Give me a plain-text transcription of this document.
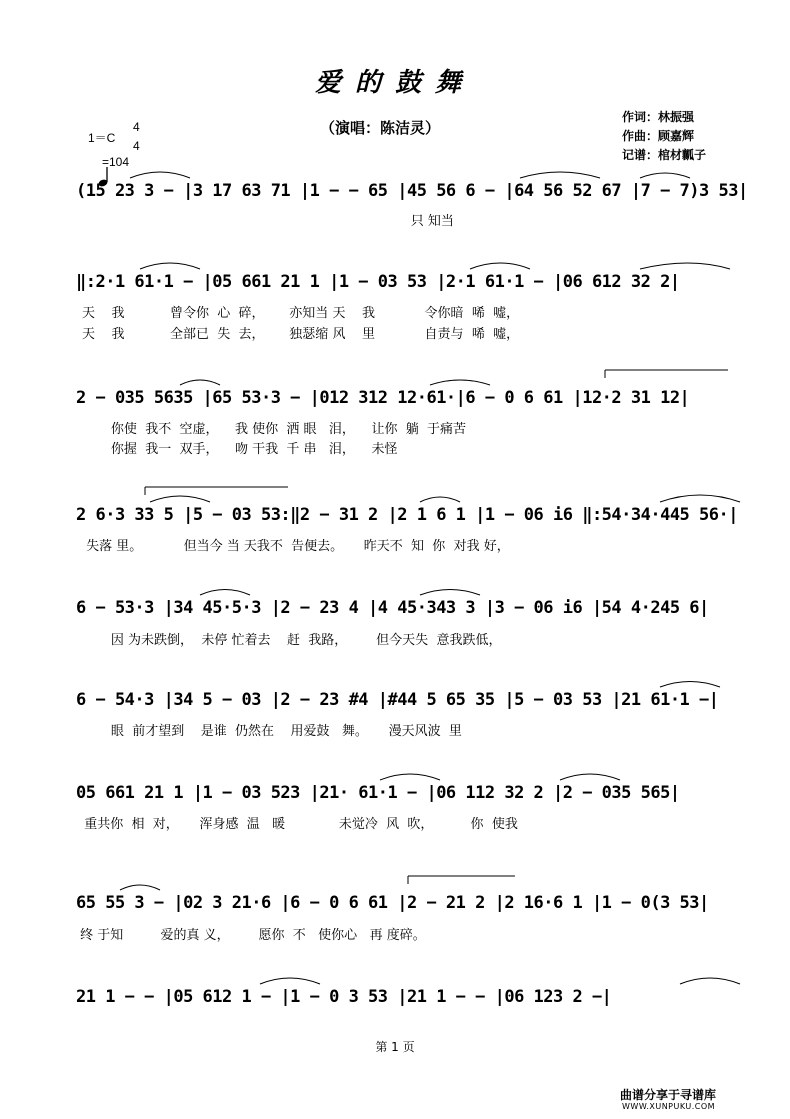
爱的鼓舞
（演唱：陈洁灵）
作词：林振强
作曲：顾嘉辉
记谱：棺材瓤子
1＝C
4
4

=104
(15 23 3 − |3 17 63 71 |1 − − 65 |45 56 6 − |64 56 52 67 |7 − 7)3 53|
只 知当
‖:2·1 61·1 − |05 661 21 1 |1 − 03 53 |2·1 61·1 − |06 612 32 2|
天    我           曾令你  心  碎，      亦知当 天    我            令你暗  唏  嘘，
天    我           全部已  失  去，      独瑟缩 风    里            自责与  唏  嘘，
2 − 035 5635 |65 53·3 − |012 312 12·61·|6 − 0 6 61 |12·2 31 12|
你使  我不  空虚，    我 使你  洒 眼   泪，    让你  躺  于痛苦
你握  我一  双手，    吻 干我  千 串   泪，    未怪
2 6·3 33 5 |5 − 03 53:‖2 − 31 2 |2 1 6 1 |1 − 06 i6 ‖:54·34·445 56·|
失落 里。          但当今 当 天我不  告便去。     昨天不  知  你  对我 好，
6 − 53·3 |34 45·5·3 |2 − 23 4 |4 45·343 3 |3 − 06 i6 |54 4·245 6|
因 为未跌倒，  未停 忙着去    赶  我路，       但今天失  意我跌低，
6 − 54·3 |34 5 − 03 |2 − 23 #4 |#44 5 65 35 |5 − 03 53 |21 61·1 −|
眼  前才望到    是谁  仍然在    用爱鼓   舞。     漫天风波  里
05 661 21 1 |1 − 03 523 |21· 61·1 − |06 112 32 2 |2 − 035 565|
重共你  相  对，     浑身感  温   暖             未觉冷  风  吹，         你  使我
65 55 3 − |02 3 21·6 |6 − 0 6 61 |2 − 21 2 |2 16·6 1 |1 − 0(3 53|
终 于知         爱的真 义，       愿你  不   使你心   再 度碎。
21 1 − − |05 612 1 − |1 − 0 3 53 |21 1 − − |06 123 2 −|
第 1 页
曲谱分享于寻谱库
WWW.XUNPUKU.COM
